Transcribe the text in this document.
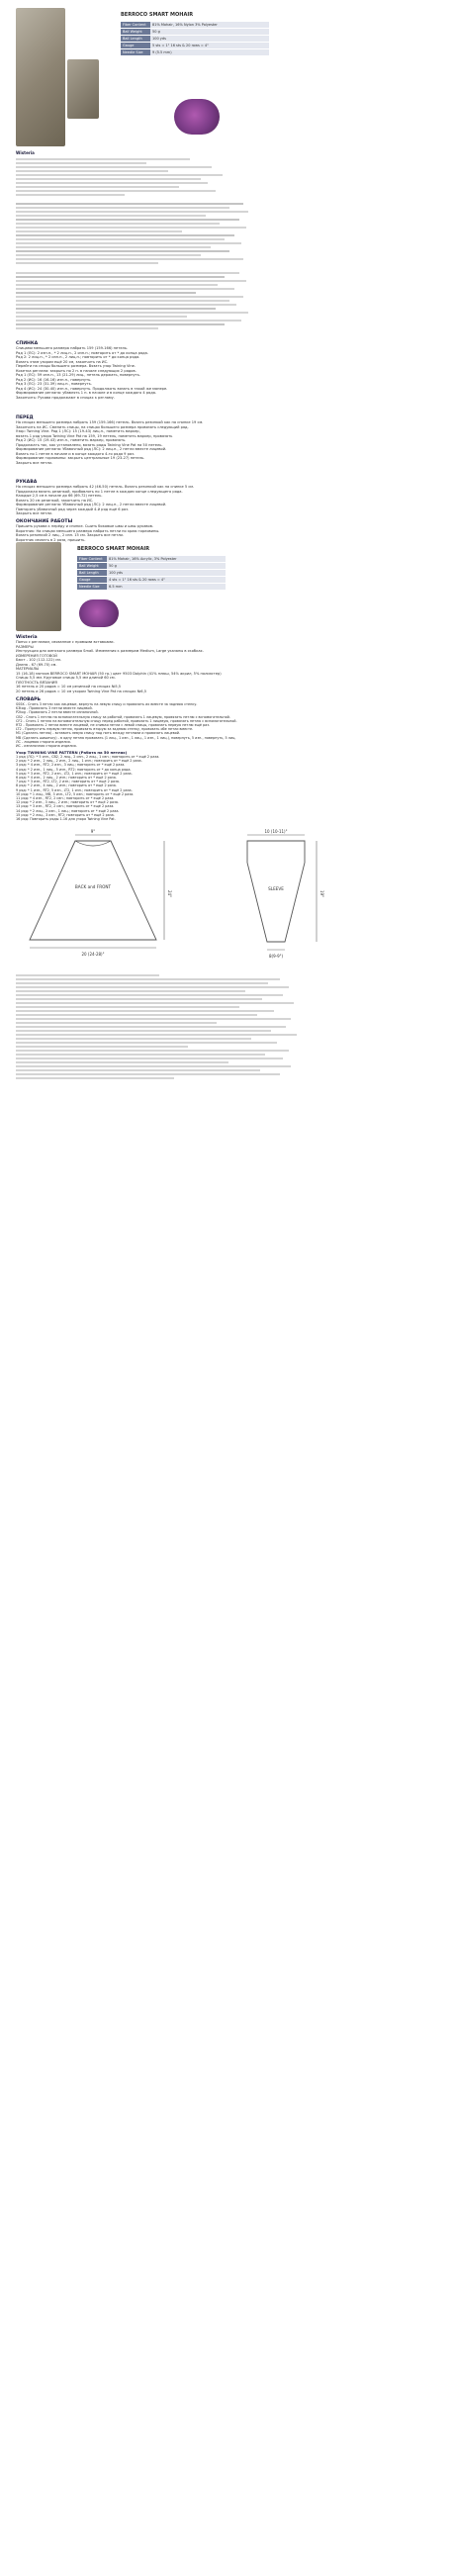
BERROCO SMART MOHAIR
Fiber Content	81% Mohair, 16% Nylon 3% Polyester
Ball Weight	50 g
Ball Length	100 yds
Gauge	5 sts = 1" 16 sts & 20 rows = 4"
Needle Size	9 (5.5 mm)
Wisteria
СПИНКА
Спицами меньшего размера набрать 159 (159-166) петель.
Ряд 1 (ЛС): 2 изн.п., * 2 лиц.п., 2 изн.п.; повторить от * до конца ряда.
Ряд 2: 2 лиц.п., * 2 изн.п., 2 лиц.п.; повторить от * до конца ряда.
Вязать этим узором ещё 20 см, закончить на ИС.
Перейти на спицы большего размера. Вязать узор Twining Vine.
Кокетка реглана: закрыть по 2 п. в начале следующих 2 рядов.
Ряд 1 (ЛС): 59 изн.п., 13 (21-29) лиц., петель держать, повернуть.
Ряд 2 (ИС): 16 (16-16) изн.п., повернуть.
Ряд 3 (ЛС): 23 (31-39) лиц.п., повернуть.
Ряд 4 (ИС): 24 (30-40) изн.п., повернуть. Продолжать вязать в такой же манере.
Формирование реглана: убавлять 1 п. в начале и в конце каждого 4 ряда.
Закончить: Рукава продолжают в спицах к регламу.
ПЕРЕД
На спицах меньшего размера набрать 159 (159-166) петель. Вязать резинкой как на спинке 19 см.
Закончить на ИС. Сменить спицы, на спицах большего размера провязать следующий ряд.
Узор: Twining Vine. Ряд 1 (ЛС): 15 (19-43) лиц.п., пометить маркер,
вязать 1 ряд узора Twining Vine Pat на 159, 19 петель, пометить маркер, провязать
Ряд 2 (ИС): 15 (19-43) изн.п., пометить маркер, провязать.
Продолжать так, как установлено, вязать ряды Twining Vine Pat на 50 петель.
Формирование реглана: Убавочный ряд (ЛС): 2 лиц.п., 2 петли вместе лицевой.
Вязать по 1 петле в начале и в конце каждого 4-го ряда 9 раз.
Формирование горловины: закрыть центральные 19 (23-27) петель.
Закрыть все петли.
РУКАВА
На спицах меньшего размера набрать 42 (46-50) петель. Вязать резинкой как на спинке 5 см.
Продолжая вязать резинкой, прибавлять по 1 петле в каждом конце следующего ряда.
Каждые 2,5 см в начале до 66 (69-72) петель.
Вязать 20 см резинкой, закончить на ИС.
Формирование реглана: Убавочный ряд (ЛС): 2 лиц.п., 2 петли вместе лицевой.
Повторять убавочный ряд через каждый 4-й ряд ещё 6 раз.
Закрыть все петли.
ОКОНЧАНИЕ РАБОТЫ
Пришить рукава к перёду и спинке. Сшить боковые швы и швы рукавов.
Воротник: На спицах меньшего размера набрать петли по краю горловины.
Вязать резинкой 2 лиц., 2 изн. 15 см. Закрыть все петли.
Воротник связать в 2 раза, пришить.
BERROCO SMART MOHAIR
Fiber Content	81% Mohair, 16% Acrylic, 3% Polyester
Ball Weight	50 g
Ball Length	100 yds
Gauge	4 sts = 1" 16 sts & 20 rows = 4"
Needle Size	6.5 mm
Wisteria
Пончо с регланом, связанное с прямыми вставками.
РАЗМЕРЫ
Инструкция для женского размера Small. Изменения к размерам Medium, Large указаны в скобках.
ИЗМЕРЕНИЯ ГОТОВОЙ
Бюст - 102 (112-122) см.
Длина - 67 (69-70) см.
МАТЕРИАЛЫ
15 (16-18) мотков BERROCO SMART MOHAIR (50 гр.) цвет 9503 Dolphin (41% плюш, 54% акрил, 5% полиэстер)
Спицы 5,5 мм. Круговые спицы 5,5 мм длиной 60 см.
ПЛОТНОСТЬ ВЯЗАНИЯ
16 петель и 20 рядов = 10 см резинкой на спицах №5,5
20 петель и 26 рядов = 10 см узором Twining Vine Pat на спицах №6,5
СЛОВАРЬ
SSSK - Снять 3 петли как лицевые, вернуть на левую спицу и провязать их вместе за заднюю стенку.
K3tog - Провязать 3 петли вместе лицевой.
P2tog - Провязать 2 петли вместе изнаночной.
CB2 - Снять 1 петлю на вспомогательную спицу за работой, провязать 1 лицевую, провязать петлю с вспомогательной.
CF2 - Снять 1 петлю на вспомогательную спицу перед работой, провязать 1 лицевую, провязать петлю с вспомогательной.
RT2 - Провязать 2 петли вместе лицевой, не снимая петли с левой спицы, провязать первую петлю ещё раз.
LT2 - Пропустить первую петлю, провязать вторую за заднюю стенку, провязать обе петли вместе.
M1 (Сделать петлю) - вставить левую спицу под нить между петлями и провязать лицевой.
MB (Сделать шишечку) - в одну петлю провязать (1 лиц., 1 изн., 1 лиц., 1 изн., 1 лиц.), повернуть, 5 изн., повернуть, 5 лиц.
ЛС - лицевая сторона изделия.
ИС - изнаночная сторона изделия.
Узор TWINING VINE PATTERN (Работа на 50 петлях)
1 ряд (ЛС): * 5 изн., CB2, 2 лиц., 2 изн., 2 лиц., 1 изн.; повторить от * ещё 2 раза.
2 ряд: * 2 изн., 2 лиц., 2 изн., 2 лиц., 1 изн.; повторить от * ещё 2 раза.
3 ряд: * 4 изн., RT2, 2 изн., 3 лиц.; повторить от * ещё 2 раза.
4 ряд: * 2 изн., 1 лиц., 5 изн., RT2; повторить от * до конца ряда.
5 ряд: * 3 изн., RT2, 2 изн., LT2, 1 изн.; повторить от * ещё 2 раза.
6 ряд: * 4 изн., 2 лиц., 2 изн.; повторить от * ещё 2 раза.
7 ряд: * 3 изн., RT2, LT2, 2 изн.; повторить от * ещё 2 раза.
8 ряд: * 2 изн., 4 лиц., 2 изн.; повторить от * ещё 2 раза.
9 ряд: * 1 изн., RT2, 5 изн., LT2, 1 изн.; повторить от * ещё 2 раза.
10 ряд: * 1 лиц., MB, 3 изн., LT2, 5 изн.; повторить от * ещё 2 раза.
11 ряд: * 4 изн., RT2, 2 изн.; повторить от * ещё 2 раза.
12 ряд: * 2 изн., 3 лиц., 2 изн.; повторить от * ещё 2 раза.
13 ряд: * 3 изн., RT2, 2 изн.; повторить от * ещё 2 раза.
14 ряд: * 2 лиц., 2 изн., 1 лиц.; повторить от * ещё 2 раза.
15 ряд: * 2 лиц., 3 изн., RT2; повторить от * ещё 2 раза.
16 ряд: Повторить ряды 1-16 для узора Twining Vine Pat.
9"
BACK and FRONT
20 (24-28)"
24"
10 (10-11)"
SLEEVE
8(9-9")
19"
